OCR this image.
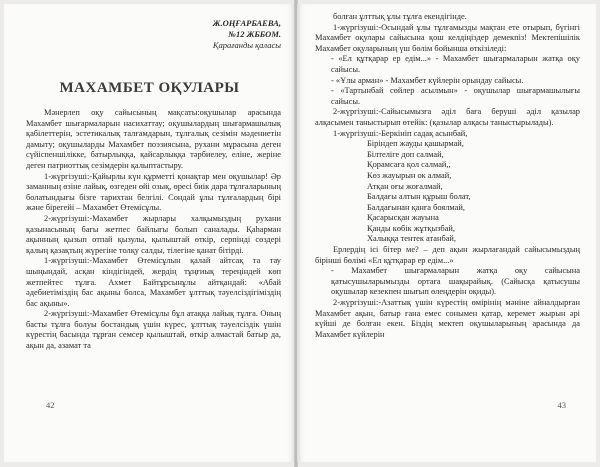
Ж.ОҢҒАРБАЕВА,
№12 ЖББОМ.
Қарағанды қаласы
МАХАМБЕТ ОҚУЛАРЫ

Мәнерлеп оқу сайысының мақсаты:оқушылар арасында Махамбет шығармаларын насихаттау; оқушылардың шығармашылық қабілеттерін, эстетикалық талғамдарын, тұлғалық сезімін мәдениетін дамыту; оқушыларды Махамбет поэзиясына, рухани мұрасына деген сүйіспеншілікке, батырлыққа, қайсарлыққа тәрбиелеу, еліне, жеріне деген патриоттық сезімдерін қалыптастыру.

1-жүргізуші:-Қайырлы күн құрметті қонақтар мен оқушылар! Әр заманның өзіне лайық, өзгеден өйі озық, өресі биік дара тұлғаларының болатындығы бізге тарихтан белгілі. Сондай ұлы тұлғалардың бірі және бірегейі – Махамбет Өтемісұлы.

2-жүргізуші:-Махамбет жырлары халқымыздың рухани қазынасының бағы жетпес байлығы болып саналады. Қаһарман ақынның қызып отпай қызулы, қылыштай өткір, серпінді сөздері қалың қазақтың жүрегіне толқу салды, тілегіне қанат бітірді.

1-жүргізуші:-Махамбет Өтемісұлын қалай айтсақ та тау шыңындай, асқан кіндігіндей, жердің тұңғиық тереңіндей көп жетпейтес тұлға. Ахмет Байтұрсынұлы айтқандай: «Абай әдебиетіміздің бас ақыны болса, Махамбет ұлттық тәуелсіздігіміздің бас ақыны».

2-жүргізуші:-Махамбет Өтемісұлы бұл атаққа лайық тұлға. Оның басты тұлға болуы бостандық үшін күрес, ұлттық тәуелсіздік үшін күрестің басында тұрған семсер қылыштай, өткір алмастай батыр да, ақын да, азамат та

42

болған ұлттық ұлы тұлға екендігінде.

1-жүргізуші:-Осындай ұлы тұлғамызды мақтан ете отырып, бүгінгі Махамбет оқулары сайысына қош келдіңіздер демекпіз! Мектепішілік Махамбет оқуларының үш бөлім бойынша өткізіледі:

- «Ел құтқарар ер едім...» - Махамбет шығармаларын жатқа оқу сайысы.

- «Ұлы арман» - Махамбет күйлерін орындау сайысы.

- «Тартынбай сөйлер асылмын» - оқушылар шығармашылығы сайысы.

2-жүргізуші:-Сайысымызға әділ баға беруші әділ қазылар алқасымен таныстырып өтейік: (қазылар алқасы таныстырылады).

1-жүргізуші:-Беркініп садақ асынбай,

Біріндеп жауды қашырмай,

Білтеліге доп салмай,

Қорамсаға қол салмай,,

Көз жауырын ок алмай,

Атқан оғы жоғалмай,

Балдағы алтын құрыш болат,

Балдағынан қанға боялмай,

Қасарысқан жауына

Қанды көбік жұтқызбай,

Халыққа тентек атанбай,

Ерлердің ісі бітер ме? – деп ақын жырлағандай сайысымыздың бірінші бөлімі «Ел құтқарар ер едім...»

- Махамбет шығармаларын жатқа оқу сайысына қатысушыларымызды ортаға шақырайық. (Сайысқа қатысушы оқушылар кезекпен шығып өлеңдерін оқиды).

2-жүргізуші:-Азаттық үшін күрестің өмірінің мәнінe айналдырған Махамбет ақын, батыр ғана емес сонымен қатар, керемет жырын әрі күйші де болған екен. Біздің мектеп оқушыларының арасында да Махамбет күйлерін

43
